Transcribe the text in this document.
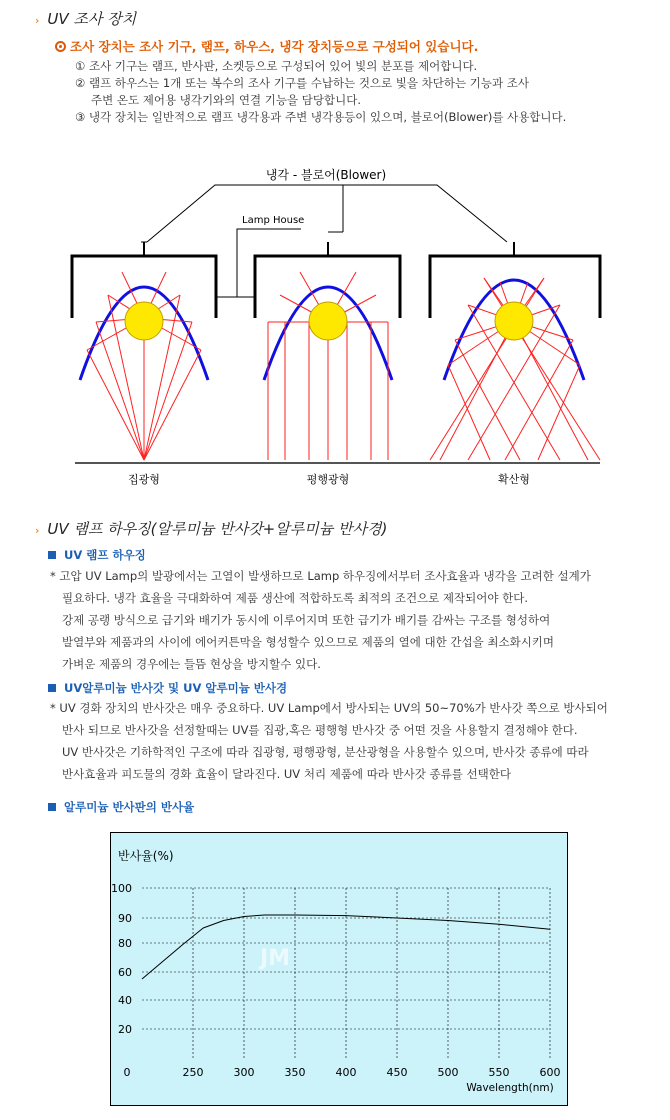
› UV 조사 장치
조사 장치는 조사 기구, 램프, 하우스, 냉각 장치등으로 구성되어 있습니다.
① 조사 기구는 램프, 반사판, 소켓등으로 구성되어 있어 빛의 분포를 제어합니다.
② 램프 하우스는 1개 또는 복수의 조사 기구를 수납하는 것으로 빛을 차단하는 기능과 조사
주변 온도 제어용 냉각기와의 연결 기능을 담당합니다.
③ 냉각 장치는 일반적으로 램프 냉각용과 주변 냉각용등이 있으며, 블로어(Blower)를 사용합니다.
냉각 - 블로어(Blower)
Lamp House
집광형	평행광형	확산형
› UV 램프 하우징(알루미늄 반사갓+알루미늄 반사경)
UV 램프 하우징
* 고압 UV Lamp의 발광에서는 고열이 발생하므로 Lamp 하우징에서부터 조사효율과 냉각을 고려한 설계가
필요하다. 냉각 효율을 극대화하여 제품 생산에 적합하도록 최적의 조건으로 제작되어야 한다.
강제 공랭 방식으로 급기와 배기가 동시에 이루어지며 또한 급기가 배기를 감싸는 구조를 형성하여
발열부와 제품과의 사이에 에어커튼막을 형성할수 있으므로 제품의 열에 대한 간섭을 최소화시키며
가벼운 제품의 경우에는 들뜸 현상을 방지할수 있다.
UV알루미늄 반사갓 및 UV 알루미늄 반사경
* UV 경화 장치의 반사갓은 매우 중요하다. UV Lamp에서 방사되는 UV의 50~70%가 반사갓 쪽으로 방사되어
반사 되므로 반사갓을 선정할때는 UV를 집광,혹은 평행형 반사갓 중 어떤 것을 사용할지 결정해야 한다.
UV 반사갓은 기하학적인 구조에 따라 집광형, 평행광형, 분산광형을 사용할수 있으며, 반사갓 종류에 따라
반사효율과 피도물의 경화 효율이 달라진다. UV 처리 제품에 따라 반사갓 종류를 선택한다
알루미늄 반사판의 반사율
반사율(%)
100
90
80
60
40
20
0	250	300	350	400	450	500	550	600
Wavelength(nm)
JM
